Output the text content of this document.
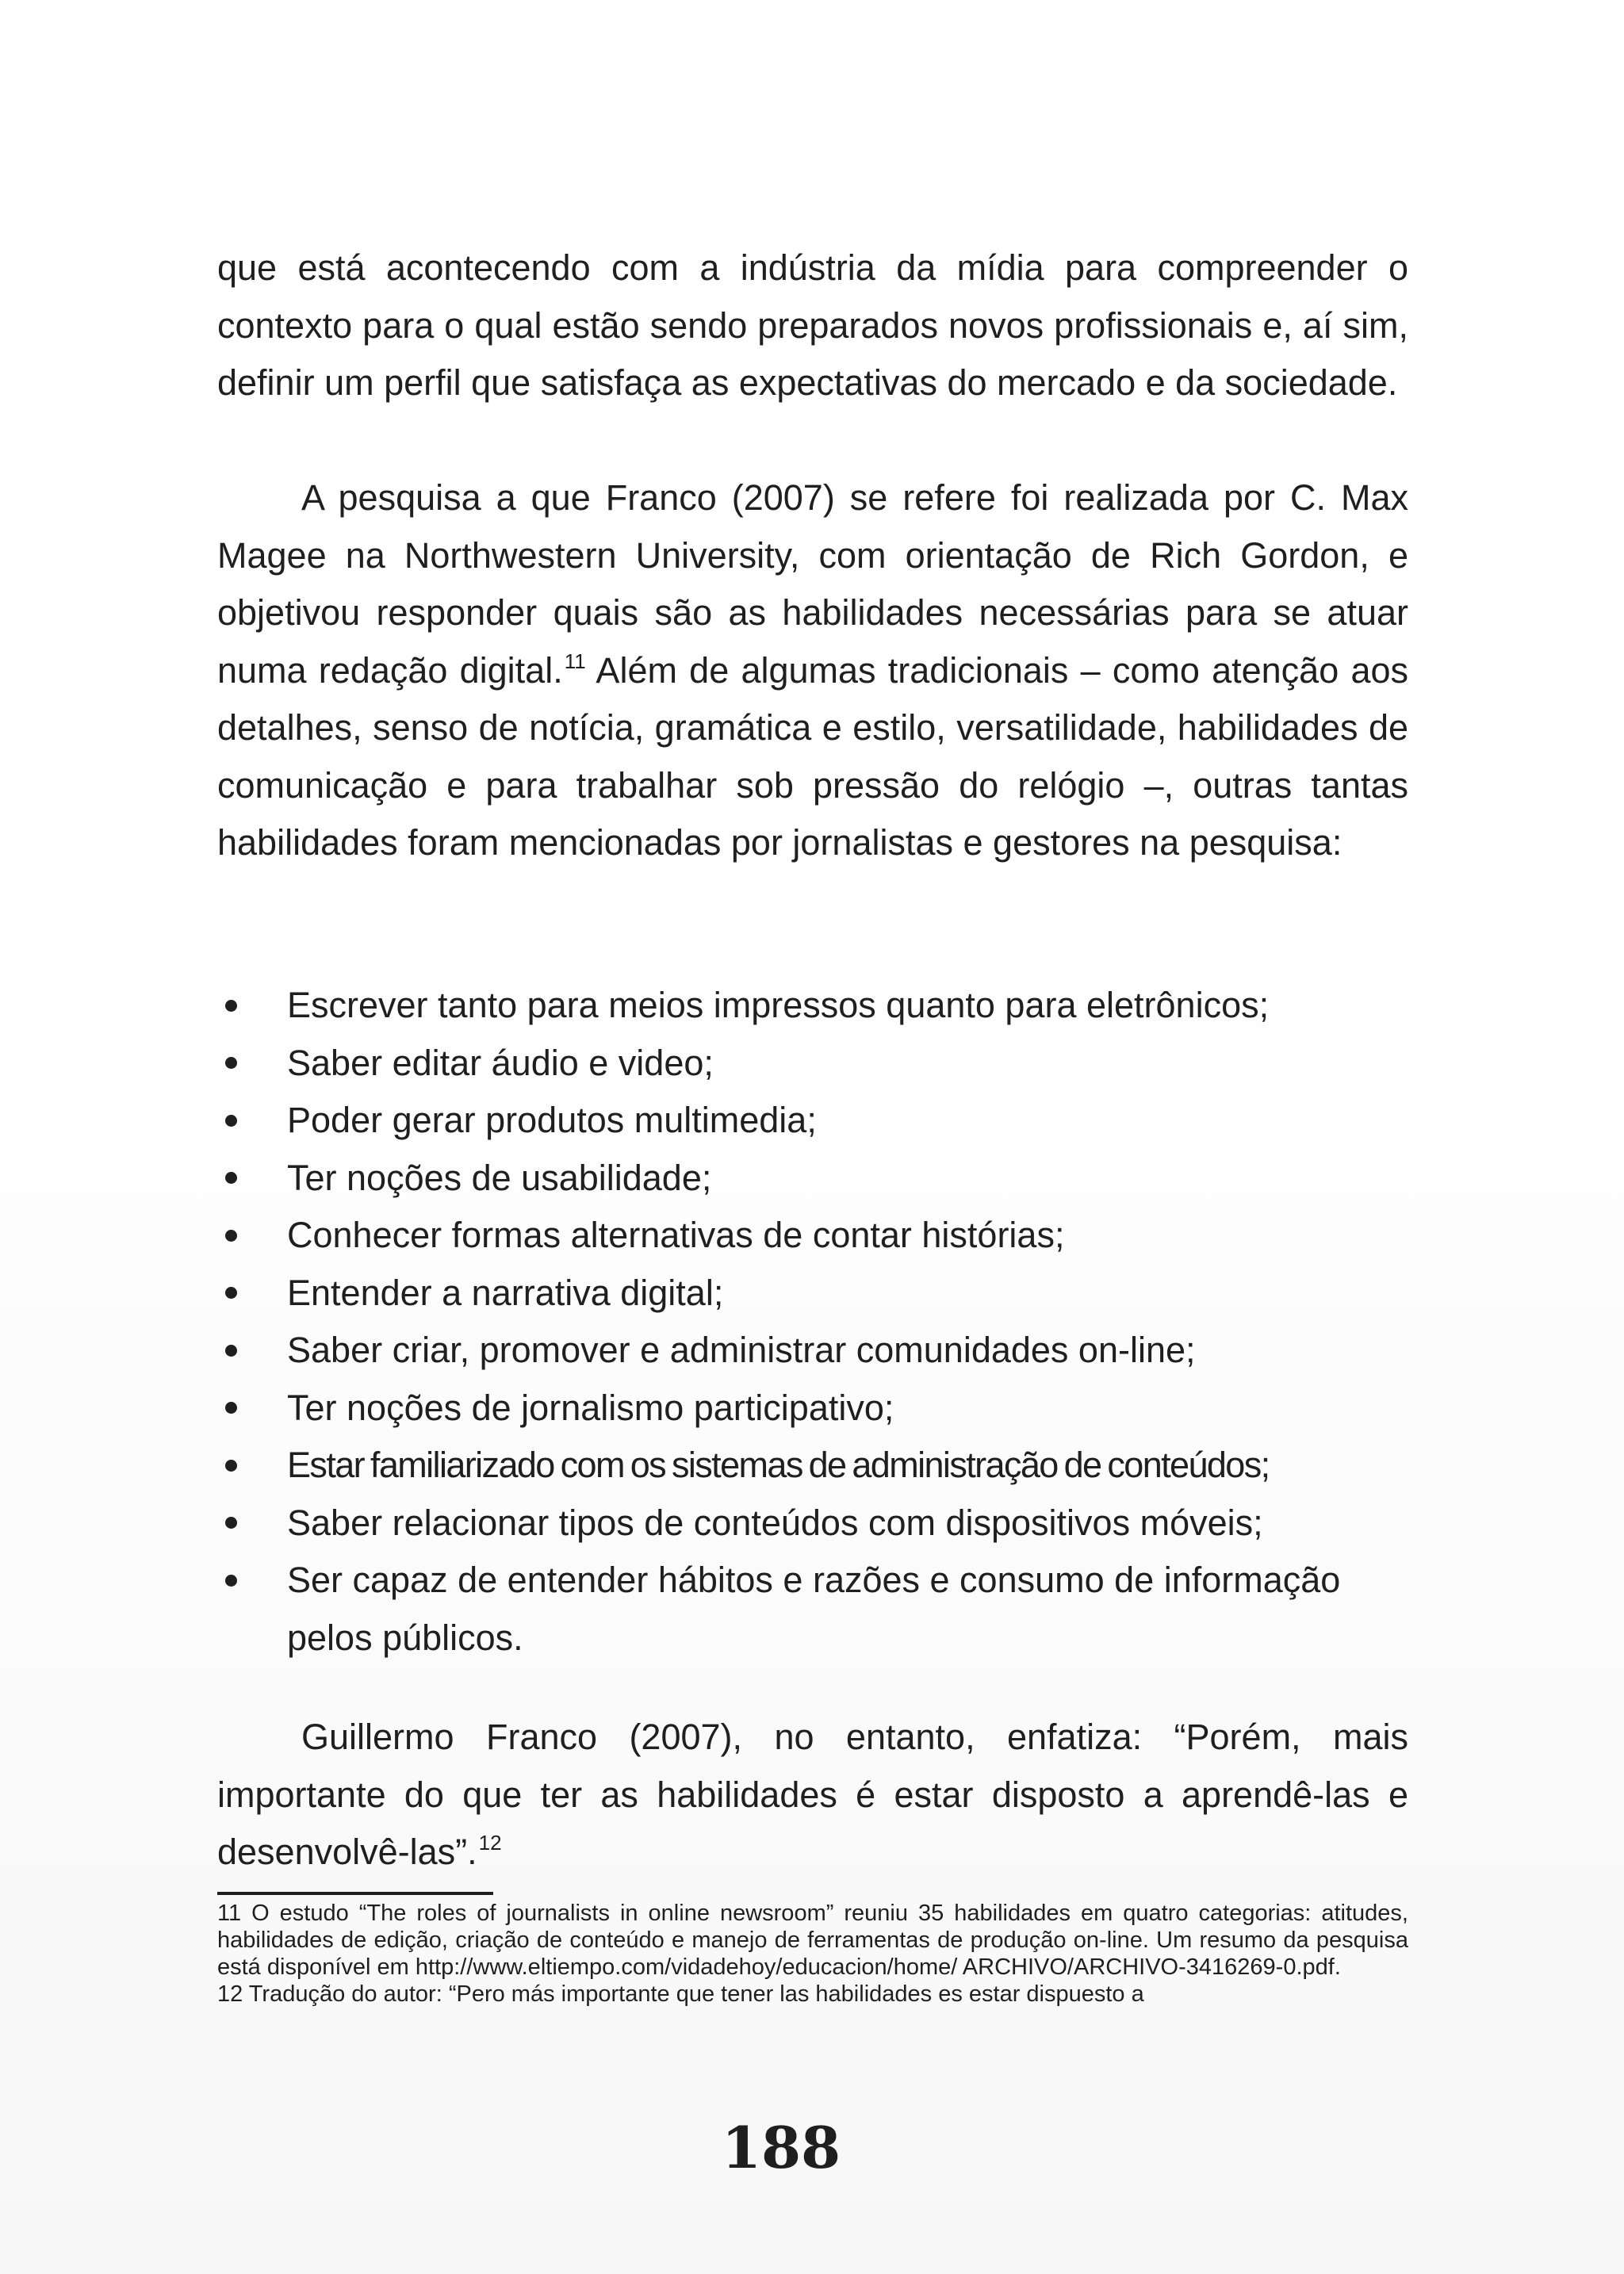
que está acontecendo com a indústria da mídia para compreender o contexto para o qual estão sendo preparados novos profissionais e, aí sim, definir um perfil que satisfaça as expectativas do mercado e da sociedade.

A pesquisa a que Franco (2007) se refere foi realizada por C. Max Magee na Northwestern University, com orientação de Rich Gordon, e objetivou responder quais são as habilidades necessárias para se atuar numa redação digital.$^{11}$ Além de algumas tradicionais – como atenção aos detalhes, senso de notícia, gramática e estilo, versatilidade, habilidades de comunicação e para trabalhar sob pressão do relógio –, outras tantas habilidades foram mencionadas por jornalistas e gestores na pesquisa:

Escrever tanto para meios impressos quanto para eletrônicos;
Saber editar áudio e video;
Poder gerar produtos multimedia;
Ter noções de usabilidade;
Conhecer formas alternativas de contar histórias;
Entender a narrativa digital;
Saber criar, promover e administrar comunidades on-line;
Ter noções de jornalismo participativo;
Estar familiarizado com os sistemas de administração de conteúdos;
Saber relacionar tipos de conteúdos com dispositivos móveis;
Ser capaz de entender hábitos e razões e consumo de informação pelos públicos.

Guillermo Franco (2007), no entanto, enfatiza: “Porém, mais importante do que ter as habilidades é estar disposto a aprendê-las e desenvolvê-las”.$^{12}$

11 O estudo “The roles of journalists in online newsroom” reuniu 35 habilidades em quatro categorias: atitudes, habilidades de edição, criação de conteúdo e manejo de ferramentas de produção on-line. Um resumo da pesquisa está disponível em http://www.eltiempo.com/vidadehoy/educacion/home/ ARCHIVO/ARCHIVO-3416269-0.pdf.

12 Tradução do autor: “Pero más importante que tener las habilidades es estar dispuesto a

188
